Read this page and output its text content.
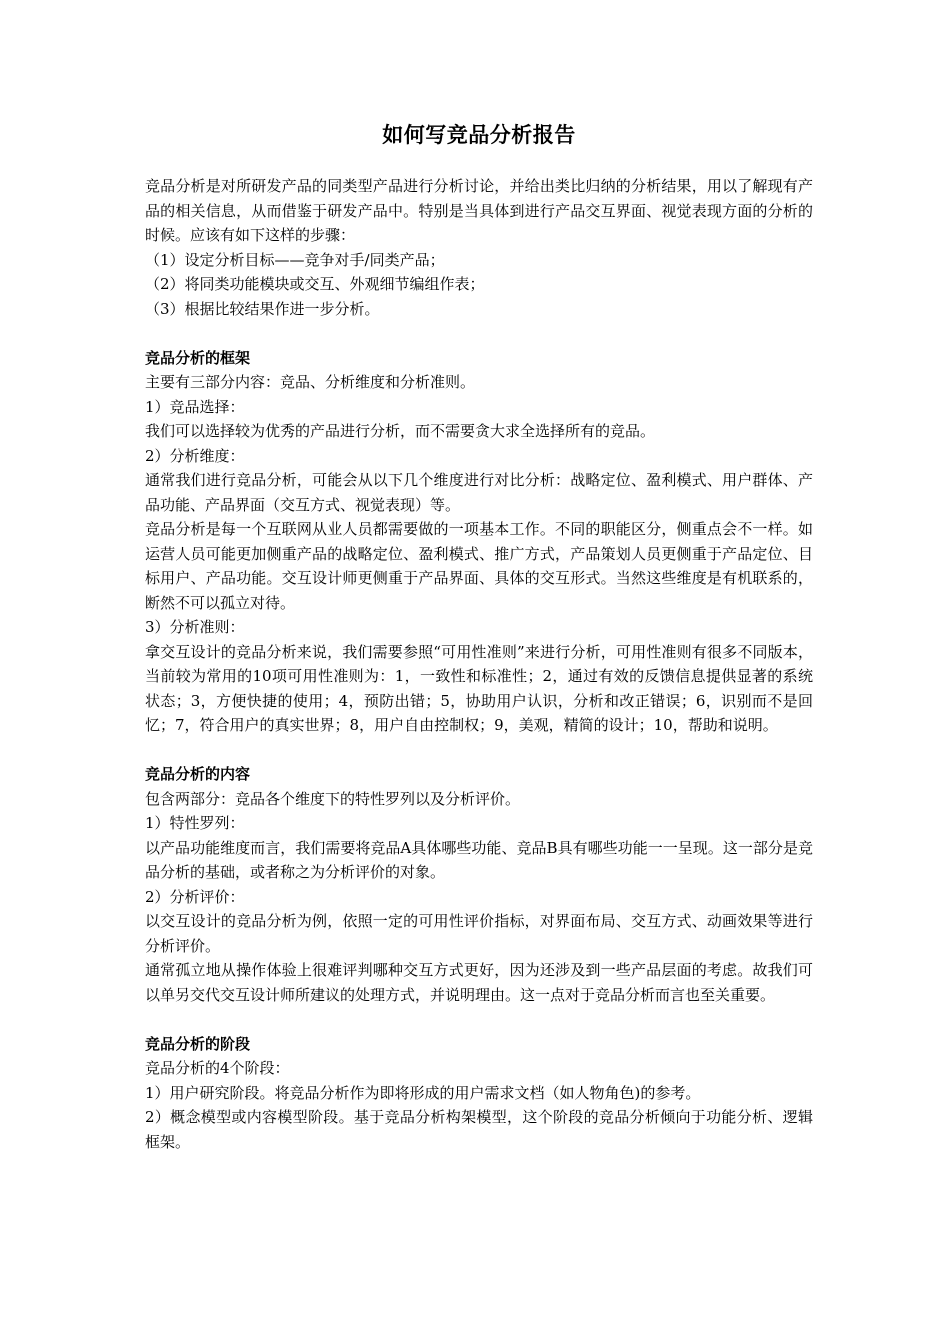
如何写竞品分析报告

竞品分析是对所研发产品的同类型产品进行分析讨论，并给出类比归纳的分析结果，用以了解现有产品的相关信息，从而借鉴于研发产品中。特别是当具体到进行产品交互界面、视觉表现方面的分析的时候。应该有如下这样的步骤：

（1）设定分析目标——竞争对手/同类产品；

（2）将同类功能模块或交互、外观细节编组作表；

（3）根据比较结果作进一步分析。

竞品分析的框架

主要有三部分内容：竞品、分析维度和分析准则。

1）竞品选择：

我们可以选择较为优秀的产品进行分析，而不需要贪大求全选择所有的竞品。

2）分析维度：

通常我们进行竞品分析，可能会从以下几个维度进行对比分析：战略定位、盈利模式、用户群体、产品功能、产品界面（交互方式、视觉表现）等。

竞品分析是每一个互联网从业人员都需要做的一项基本工作。不同的职能区分，侧重点会不一样。如运营人员可能更加侧重产品的战略定位、盈利模式、推广方式，产品策划人员更侧重于产品定位、目标用户、产品功能。交互设计师更侧重于产品界面、具体的交互形式。当然这些维度是有机联系的，断然不可以孤立对待。

3）分析准则：

拿交互设计的竞品分析来说，我们需要参照“可用性准则”来进行分析，可用性准则有很多不同版本，当前较为常用的10项可用性准则为：1，一致性和标准性；2，通过有效的反馈信息提供显著的系统状态；3，方便快捷的使用；4，预防出错；5，协助用户认识，分析和改正错误；6，识别而不是回忆；7，符合用户的真实世界；8，用户自由控制权；9，美观，精简的设计；10，帮助和说明。

竞品分析的内容

包含两部分：竞品各个维度下的特性罗列以及分析评价。

1）特性罗列：

以产品功能维度而言，我们需要将竞品A具体哪些功能、竞品B具有哪些功能一一呈现。这一部分是竞品分析的基础，或者称之为分析评价的对象。

2）分析评价：

以交互设计的竞品分析为例，依照一定的可用性评价指标，对界面布局、交互方式、动画效果等进行分析评价。

通常孤立地从操作体验上很难评判哪种交互方式更好，因为还涉及到一些产品层面的考虑。故我们可以单另交代交互设计师所建议的处理方式，并说明理由。这一点对于竞品分析而言也至关重要。

竞品分析的阶段

竞品分析的4个阶段：

1）用户研究阶段。将竞品分析作为即将形成的用户需求文档（如人物角色)的参考。

2）概念模型或内容模型阶段。基于竞品分析构架模型，这个阶段的竞品分析倾向于功能分析、逻辑框架。
